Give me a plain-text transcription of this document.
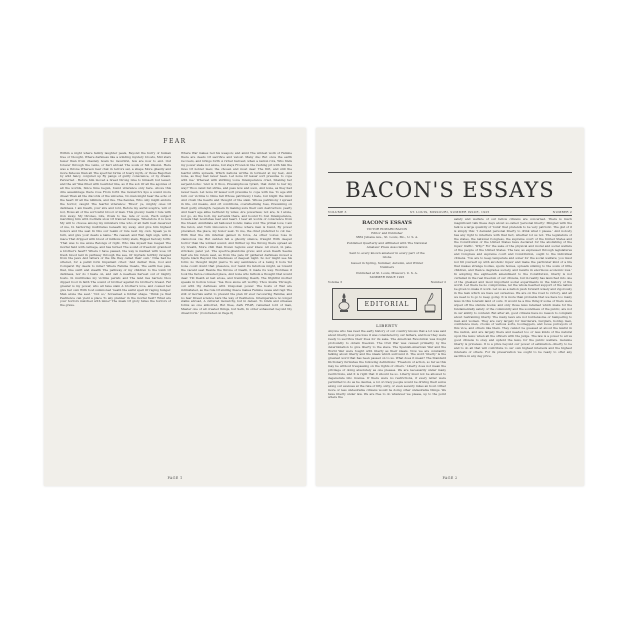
FEAR

Within a night where faintly laughter peals, Beyond the hurry of human tree or thought, Where darkness like a winding mystery broods, Mid stars fewer than from chastely boam So mournful, few are now to end. Out forever through the veins, or hurl abroad The souls of full illusion. Here was a throne Whereon fear chat in terrors sat, a shape More ghastly and more hideous than all The spectral forms of hoary myth, or those Begotten by wild fancy, conjured up By pangs of guilty conscience, or by dream. Perverted . Before him moved a breed throng Like to himself; but lesser; and the air Was filled with bewilder like, as if the sob Of all the agonies of all the worlds, Since time begun, found utterance only here. Above this dire assemblage there rose From forth the monarch's lips a sound more dread Than all the discords of the universe, No man might hear the echo of the heart Of all the nihilists, and live. The fiendes, Who only might endure the horror, caught The fearful utterance: 'Blood' ye, mighty ones Of darkness. I am Death, your sire and lord, Before my awful sceptre, will or not, Bows all of the sorrowful brood of man. This gloomy realm I rule with iron sway; My thrones, Life, rivals to me, late or soon, Each subject marching him with footfalls slow Of tranced homage. Wherefore it is now My will to choose among my ministers One who of all hath best deserved of me, In harboring multitudes beneath my sway, And give him highest honors and the seat In this our realm of rule next my own. Speak ye in turn, and give your deeds a name.' He ceased; and War, high sign, with a mace That dripped with blood of millions richly slain, Rigged fiercely forth: 'That was to me alone Belongs of right. Who like myself has reaped The mortal field with carnage, and has turned The sound of freedom' grandeur a brother's heart? Where I have passed, the way is marked with woe; Of fresh blood laid in pathway through the sea, Of myriads terribly ravaged from the jaws And tatters of the life they called their own.' Nine had he uttered, for a pallid form Impatient cried: 'And darker thou, fool and Comparst thy deeds to mine? Where Famine treads, The earth lies pale, that, like swift and stealth The pathway of my children to the tomb Of darkness, nor do I haste on, and call A needless harvest out of mighty hosts. In multitudes my victims perish; and The land lies barren; thou dipped food in faith The sound of brother against its brother's breast. Far greater is my power, who all have slain A brother's love, and coaxed her give her own With food summoned 'neath the awful spell Of raging hunger. Man alone the seat.' 'Not so,' Screamed a fiddler shape. 'Think ye that Pestilence can yield a place To any planner in the mortal field? What are your horrors matched with mine? The mask Of glory hides the horrors of the grave.

Where War makes red his weapon; and amid The wildest work of Famine there are deeds Of sacrifice and valour. Many die; But once the earth recovers, and brings forth A richer harvest; when a nation rots, Who finds my power slake not alone, but stays Frozen in the rushing pit with him the lives Of nobler men; the chosen and most dear. The flirt, and still the fearful strife spreads, Which nations writhe in torment at my feet, And none, as they had never been. Let none Of lesser sort presume to cope with me.' Whereat with shrilling voice Intemperance cried, Shaking her serpent-locks: 'And is it thou, Presumptuous tyrant, that durst to bar my way? Thou canst but strike, and pass now and soon, And none, as they had never been. Let none Of lesser sort presume to cope with me. To age still turn our victims to thine fall Whose patrimony I hate, but blight the mind And crush the hearts and thought of the slain. Whose patrimony I spread in life, old means, And oft conditions, overwhelming foes, Presuming on their godly strength, requiem In making sure their own destruction; yearly And heart age alike befriend by wiles; Are powerless; not are, Is I alone, nor go, As the bolt, my servants there, and bound To foul Intemperance, bowels that nourishes fear and heart. I tear all words of conscience from the breast; Annihilate all hallowed bonds; make void The primal love; I am the felon, and Turn innocence to crime; where men is found, By power prevailed, the place, my honor seat. To me, the chief preferred to cut me.' With that the din infernal gained in force, As other voices rose in clamorous vie; But sudden fell a ghostly silence, fraught With deeper horror than the wildest sound; And thither up the throng there spread an icy breath, More chill than frozen regions ever knew. All stood, in pale-stricken; paler yet. The spectre-phantoms grew; and even Death Seems half ere his rulers seat, as from the pale Of gathered darkness moved a figure black Beyond the blackness of deepest night. So nor might see his form; no thought might pierce To any semblance of a being it bore Yet none could doubt that presence, nor resist Its fatuitous might, as toward the vacant seat Beside the throne of Death, it made its way. Wordless it took the fierce-contested place, And none who fathom a thought that would dear. Till Death at last arose, and trembling Death, The frightful mother speaks in hollow tones: 'Yea thou alone art worthy. Thou inside Through-out with thy darkness with Unspoken power. The hosts of War are intimidated, as the rule Of smiling Peace makes Famine cease and rapt The still of mortals awful to prevent the plan Of ever recovering Famine; and no fear Dread science bars the way of Pestilence. Intemperance no longer stalks abroad, A cultured monarchy, but in defeat. To binds and stresses forms as one abhorred, But thee, dark FEAR, remained lord of man, Master one of all created things, but Seth, In order exhausted beyond thy dread form.' (Concluded on Page 8)

PAGE 1
BACON'S ESSAYS
VOLUME 3	ST. LOUIS, MISSOURI, SUMMER ISSUE, 1925	NUMBER 2
BACON'S ESSAYS

VICTOR EDWARD BACON

Editor and Publisher

3862 Juliana Ave., St. Louis, Mo., U. S. A.

Published Quarterly and Affiliated with The National

Amateur Press Association

Sent to every known amateur in every part of the

Globe

Issued in Spring, Summer, Autumn, and Winter

Numbers

Published at St. Louis, Missouri, U. S. A.

SUMMER ISSUE 1925

Volume 3	Number 2
EDITORIAL
LIBERTY

Anyone who has read the early history of our country knows that a lot was said about liberty, how precious it was considered by our fathers, and how they were ready to sacrifice their lives for its sake. The American Revolution was fought profoundly to obtain freedom. The Civil War was caused primarily by the determination to give liberty to the slave. The Spanish-American War and the World War were fought with liberty as their ideals. Now we are constantly talking about liberty and the ideals which surround it. The word 'liberty' is the greatest word that has been passed on to us. What does it mean? The Standard Dictionary furnishes the following definitions: 'Freedom of action, so far as this may be without trespassing on the rights of others.' Liberty does not mean the privilege of doing absolutely as one pleases. We are necessarily under many restrictions, and it is right that it should be so. Liberty must not be allowed to degenerate into license. If there were no restrictions, if every letter were permitted to do as he desires, a lot of crazy people would be driving their autos along our avenues at the rate of fifty, sixty, or even seventy miles an hour. Other more or less undesirable citizens would be doing other undesirable things. We have liberty under law. We are free to do whatever we please, up to the point where the

safety and welfare of our fellow citizens are concerned. There is much magnificent talk these days about so-called 'personal liberty.' Mingled with the talk is a large quantity of 'bunk' that pretends to be very patriotic. The gist of it is simply this: 'I demand personal liberty to drink what I please.' And nobody has any right to interfere with that fact, whether lot us not. The legislature of the states, the national Congress, the supreme court of the United States and the Constitution of the United States have declared for the abolishing of the liquor traffic. 'Why?' For the sake of the physical and moral and social welfare of the people of the United States. The law, as expressed through legislatures and Congress and supreme court and Constitution, ought to the individual citizens. 'You are to keep temperate and sober for the social welfare; you must not fill yourself up with alcoholic liquor and make the particular kind of a life that makes strange bodies, spoils homes, spreads sinning to the souls of little children, and thence degrades society, and results in enormous economic loss.' In adopting the eighteenth amendment to the Constitution, liberty is not curtailed in the real freedom of our citizens, but in reality has launched into one of the greatest and most important social experiments in the history of the world. Let there be no compromise, let the whole hearted support of the nation be given to make it work. Let us as a nation push forward wisely and vigorously in the task which we have set ourselves. We are on the road to victory, and all we need is to go to keep going. It is more than probable that we have too many laws in this tolerant land of ours. It would be a fine thing if some of them were wiped off the statute books; and only those laws retained which make for the fundamentally safety of the community and the soundness of the public, are not in our ability to contend. But after all, good citizens have no reason to complain about restraining liberty. The many laws are not burdensome or hampering to men and women. They are very largely for murderers, burglars, holdup men, confidence men, crooks of various sorts, bootleggers, and loose purveyors of this vice, and others like them. They cannot be guessed at about the lawful in the nation, and are largely there and needed too or less kinds of the natural upon the laws; when all the officers with the judge. The law is a power to all us good citizens to obey and uphold the laws, for the public welfare. Genuine liberty is priceless. It is a prize beyond our power of estimation—liberty to be and to do all that will contribute to our own highest interests and the highest interests of others. For its preservation we ought to be ready to offer any sacrifice in any day price.

PAGE 2
